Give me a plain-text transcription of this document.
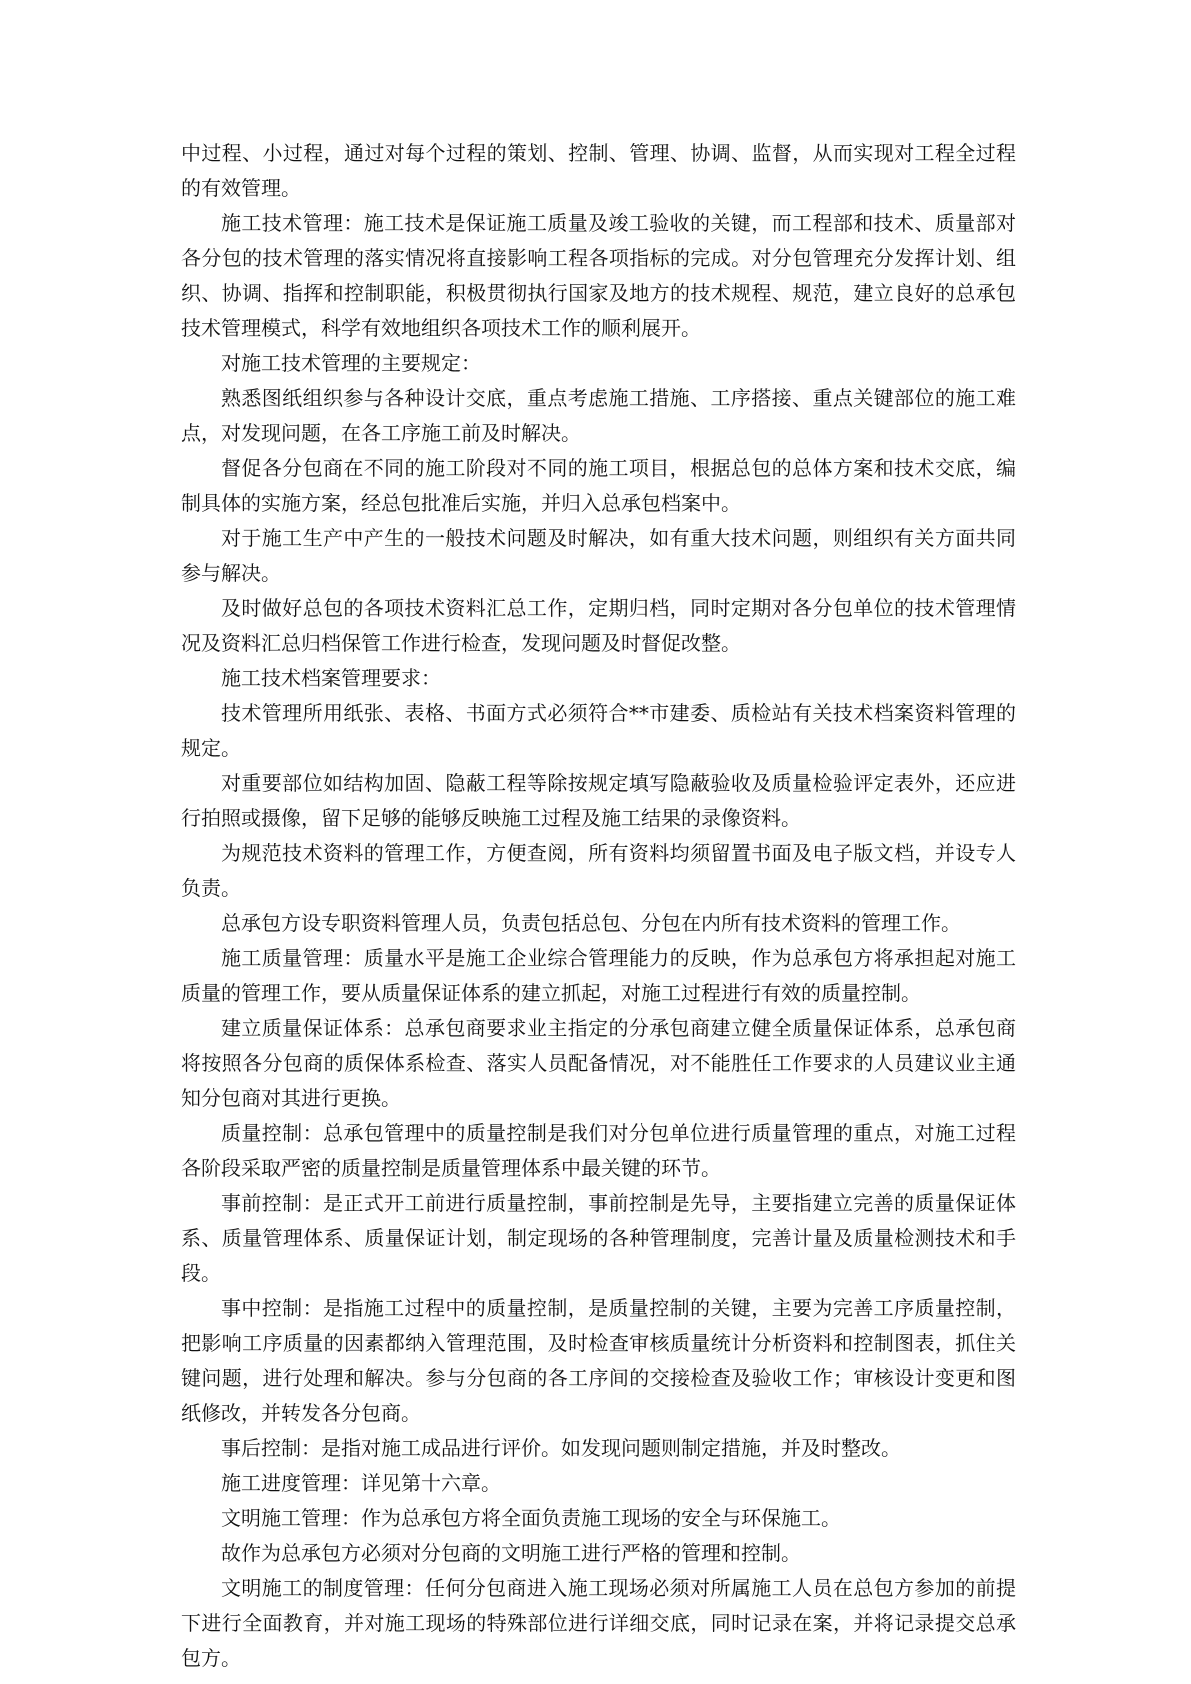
中过程、小过程，通过对每个过程的策划、控制、管理、协调、监督，从而实现对工程全过程的有效管理。

施工技术管理：施工技术是保证施工质量及竣工验收的关键，而工程部和技术、质量部对各分包的技术管理的落实情况将直接影响工程各项指标的完成。对分包管理充分发挥计划、组织、协调、指挥和控制职能，积极贯彻执行国家及地方的技术规程、规范，建立良好的总承包技术管理模式，科学有效地组织各项技术工作的顺利展开。

对施工技术管理的主要规定：

熟悉图纸组织参与各种设计交底，重点考虑施工措施、工序搭接、重点关键部位的施工难点，对发现问题，在各工序施工前及时解决。

督促各分包商在不同的施工阶段对不同的施工项目，根据总包的总体方案和技术交底，编制具体的实施方案，经总包批准后实施，并归入总承包档案中。

对于施工生产中产生的一般技术问题及时解决，如有重大技术问题，则组织有关方面共同参与解决。

及时做好总包的各项技术资料汇总工作，定期归档，同时定期对各分包单位的技术管理情况及资料汇总归档保管工作进行检查，发现问题及时督促改整。

施工技术档案管理要求：

技术管理所用纸张、表格、书面方式必须符合**市建委、质检站有关技术档案资料管理的规定。

对重要部位如结构加固、隐蔽工程等除按规定填写隐蔽验收及质量检验评定表外，还应进行拍照或摄像，留下足够的能够反映施工过程及施工结果的录像资料。

为规范技术资料的管理工作，方便查阅，所有资料均须留置书面及电子版文档，并设专人负责。

总承包方设专职资料管理人员，负责包括总包、分包在内所有技术资料的管理工作。

施工质量管理：质量水平是施工企业综合管理能力的反映，作为总承包方将承担起对施工质量的管理工作，要从质量保证体系的建立抓起，对施工过程进行有效的质量控制。

建立质量保证体系：总承包商要求业主指定的分承包商建立健全质量保证体系，总承包商将按照各分包商的质保体系检查、落实人员配备情况，对不能胜任工作要求的人员建议业主通知分包商对其进行更换。

质量控制：总承包管理中的质量控制是我们对分包单位进行质量管理的重点，对施工过程各阶段采取严密的质量控制是质量管理体系中最关键的环节。

事前控制：是正式开工前进行质量控制，事前控制是先导，主要指建立完善的质量保证体系、质量管理体系、质量保证计划，制定现场的各种管理制度，完善计量及质量检测技术和手段。

事中控制：是指施工过程中的质量控制，是质量控制的关键，主要为完善工序质量控制，把影响工序质量的因素都纳入管理范围，及时检查审核质量统计分析资料和控制图表，抓住关键问题，进行处理和解决。参与分包商的各工序间的交接检查及验收工作；审核设计变更和图纸修改，并转发各分包商。

事后控制：是指对施工成品进行评价。如发现问题则制定措施，并及时整改。

施工进度管理：详见第十六章。

文明施工管理：作为总承包方将全面负责施工现场的安全与环保施工。

故作为总承包方必须对分包商的文明施工进行严格的管理和控制。

文明施工的制度管理：任何分包商进入施工现场必须对所属施工人员在总包方参加的前提下进行全面教育，并对施工现场的特殊部位进行详细交底，同时记录在案，并将记录提交总承包方。
